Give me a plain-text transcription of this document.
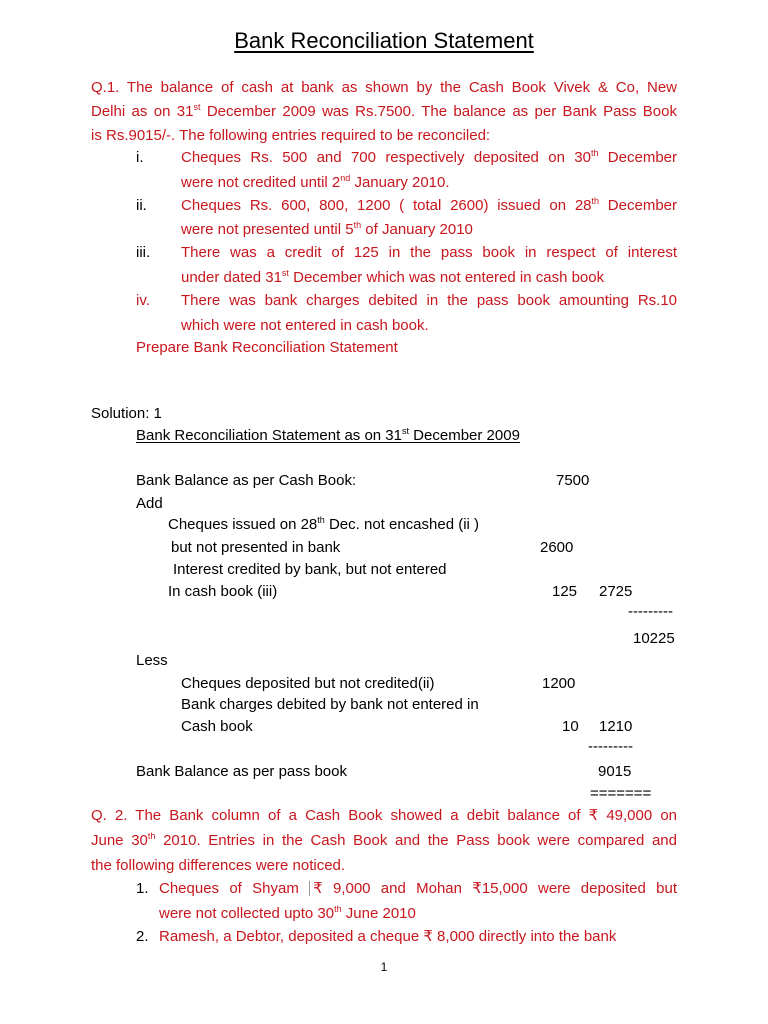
Bank Reconciliation Statement
Q.1. The balance of cash at bank as shown by the Cash Book Vivek & Co, New
Delhi as on 31st December 2009 was Rs.7500. The balance as per Bank Pass Book
is Rs.9015/-. The following entries required to be reconciled:
i.	Cheques Rs. 500 and 700 respectively deposited on 30th December
were not credited until 2nd January 2010.
ii. Cheques Rs. 600, 800, 1200 ( total 2600) issued on 28th December
were not presented until 5th of January 2010
iii. There was a credit of 125 in the pass book in respect of interest
under dated 31st December which was not entered in cash book
iv. There was bank charges debited in the pass book amounting Rs.10
which were not entered in cash book.
Prepare Bank Reconciliation Statement
Solution: 1
Bank Reconciliation Statement as on 31st December 2009
Bank Balance as per Cash Book:	7500
Add
Cheques issued on 28th Dec. not encashed (ii )
but not presented in bank	2600
Interest credited by bank, but not entered
In cash book (iii)	125 2725
---------
10225
Less
Cheques deposited but not credited(ii)	1200
Bank charges debited by bank not entered in
Cash book	10 1210
---------
Bank Balance as per pass book	9015
=======
Q. 2. The Bank column of a Cash Book showed a debit balance of ₹ 49,000 on
June 30th 2010. Entries in the Cash Book and the Pass book were compared and
the following differences were noticed.
1. Cheques of Shyam ₹ 9,000 and Mohan ₹15,000 were deposited but
were not collected upto 30th June 2010
2. Ramesh, a Debtor, deposited a cheque ₹ 8,000 directly into the bank
1
